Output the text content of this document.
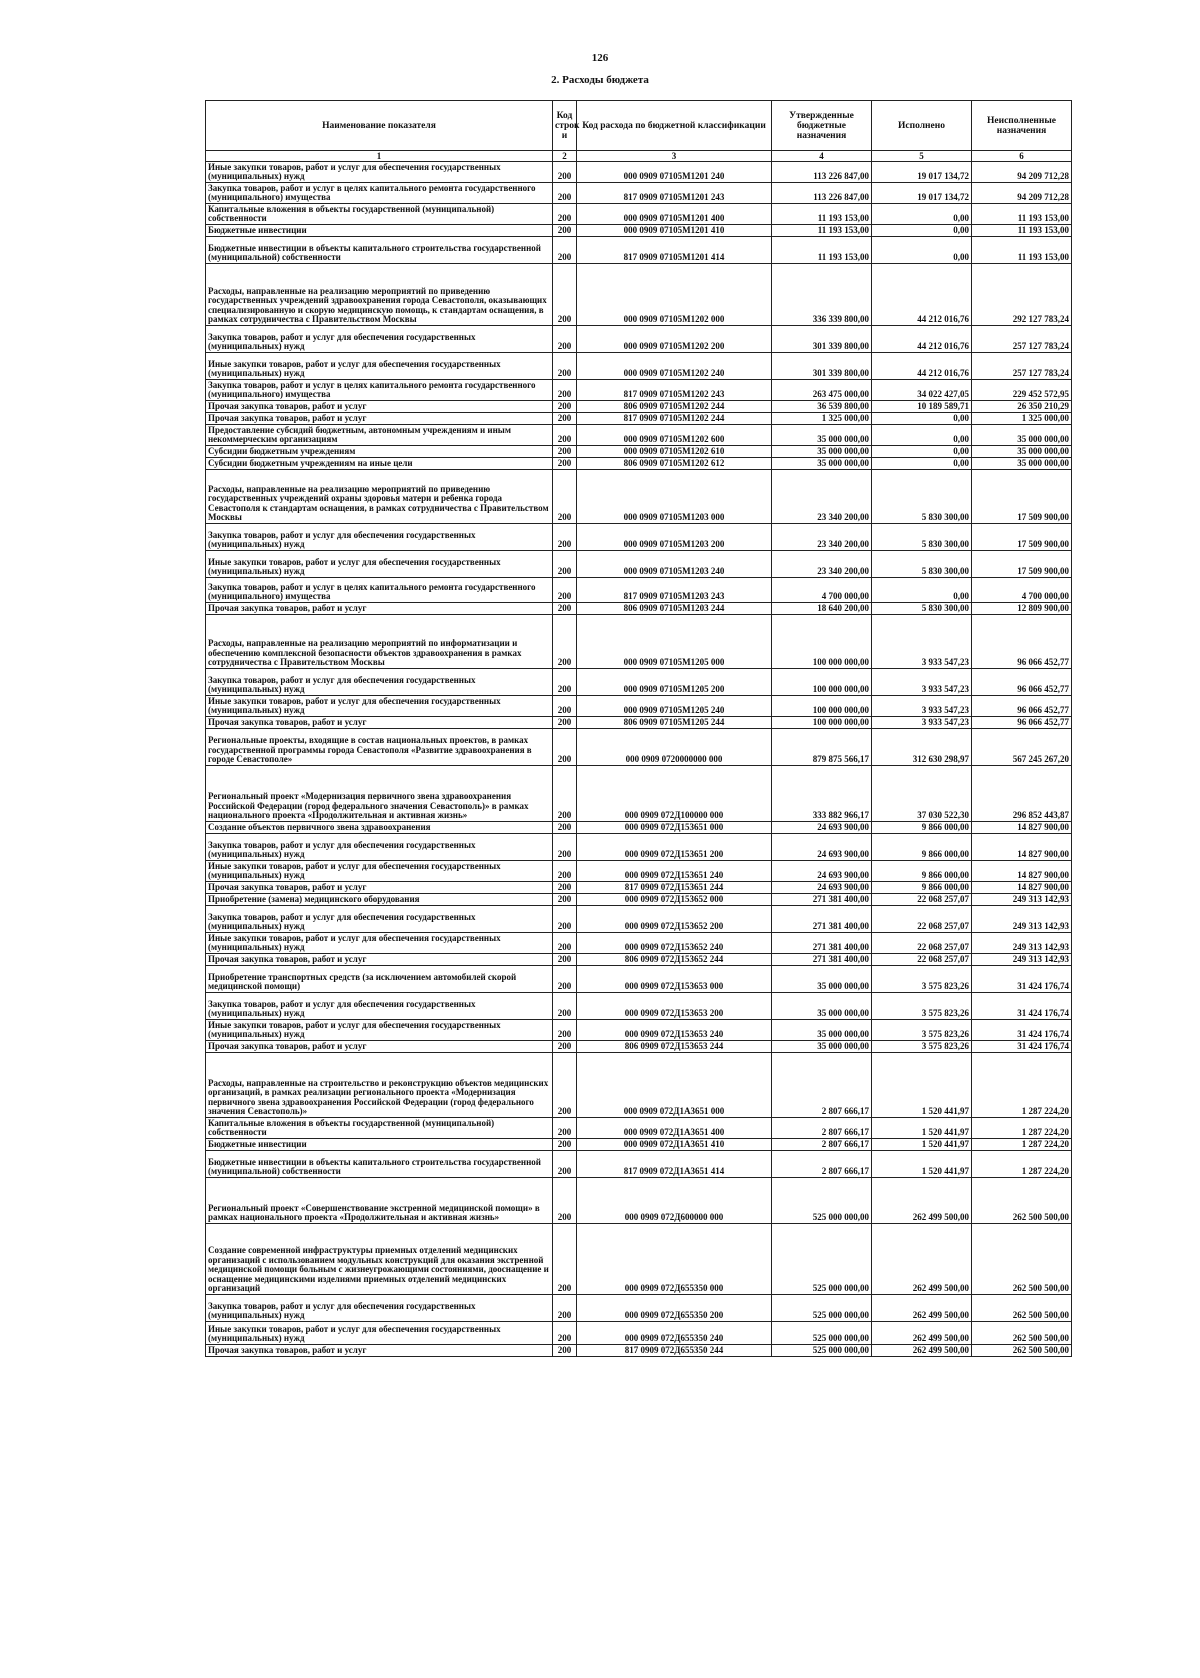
126
2. Расходы бюджета
Наименование показателя	Код строк и	Код расхода по бюджетной классификации	Утвержденные бюджетные назначения	Исполнено	Неисполненные назначения
1	2	3	4	5	6
Иные закупки товаров, работ и услуг для обеспечения государственных (муниципальных) нужд	200	000 0909 07105М1201 240	113 226 847,00	19 017 134,72	94 209 712,28
Закупка товаров, работ и услуг в целях капитального ремонта государственного (муниципального) имущества	200	817 0909 07105М1201 243	113 226 847,00	19 017 134,72	94 209 712,28
Капитальные вложения в объекты государственной (муниципальной) собственности	200	000 0909 07105М1201 400	11 193 153,00	0,00	11 193 153,00
Бюджетные инвестиции	200	000 0909 07105М1201 410	11 193 153,00	0,00	11 193 153,00
Бюджетные инвестиции в объекты капитального строительства государственной (муниципальной) собственности	200	817 0909 07105М1201 414	11 193 153,00	0,00	11 193 153,00
Расходы, направленные на реализацию мероприятий по приведению государственных учреждений здравоохранения города Севастополя, оказывающих специализированную и скорую медицинскую помощь, к стандартам оснащения, в рамках сотрудничества с Правительством Москвы	200	000 0909 07105М1202 000	336 339 800,00	44 212 016,76	292 127 783,24
Закупка товаров, работ и услуг для обеспечения государственных (муниципальных) нужд	200	000 0909 07105М1202 200	301 339 800,00	44 212 016,76	257 127 783,24
Иные закупки товаров, работ и услуг для обеспечения государственных (муниципальных) нужд	200	000 0909 07105М1202 240	301 339 800,00	44 212 016,76	257 127 783,24
Закупка товаров, работ и услуг в целях капитального ремонта государственного (муниципального) имущества	200	817 0909 07105М1202 243	263 475 000,00	34 022 427,05	229 452 572,95
Прочая закупка товаров, работ и услуг	200	806 0909 07105М1202 244	36 539 800,00	10 189 589,71	26 350 210,29
Прочая закупка товаров, работ и услуг	200	817 0909 07105М1202 244	1 325 000,00	0,00	1 325 000,00
Предоставление субсидий бюджетным, автономным учреждениям и иным некоммерческим организациям	200	000 0909 07105М1202 600	35 000 000,00	0,00	35 000 000,00
Субсидии бюджетным учреждениям	200	000 0909 07105М1202 610	35 000 000,00	0,00	35 000 000,00
Субсидии бюджетным учреждениям на иные цели	200	806 0909 07105М1202 612	35 000 000,00	0,00	35 000 000,00
Расходы, направленные на реализацию мероприятий по приведению государственных учреждений охраны здоровья матери и ребенка города Севастополя к стандартам оснащения, в рамках сотрудничества с Правительством Москвы	200	000 0909 07105М1203 000	23 340 200,00	5 830 300,00	17 509 900,00
Закупка товаров, работ и услуг для обеспечения государственных (муниципальных) нужд	200	000 0909 07105М1203 200	23 340 200,00	5 830 300,00	17 509 900,00
Иные закупки товаров, работ и услуг для обеспечения государственных (муниципальных) нужд	200	000 0909 07105М1203 240	23 340 200,00	5 830 300,00	17 509 900,00
Закупка товаров, работ и услуг в целях капитального ремонта государственного (муниципального) имущества	200	817 0909 07105М1203 243	4 700 000,00	0,00	4 700 000,00
Прочая закупка товаров, работ и услуг	200	806 0909 07105М1203 244	18 640 200,00	5 830 300,00	12 809 900,00
Расходы, направленные на реализацию мероприятий по информатизации и обеспечению комплексной безопасности объектов здравоохранения в рамках сотрудничества с Правительством Москвы	200	000 0909 07105М1205 000	100 000 000,00	3 933 547,23	96 066 452,77
Закупка товаров, работ и услуг для обеспечения государственных (муниципальных) нужд	200	000 0909 07105М1205 200	100 000 000,00	3 933 547,23	96 066 452,77
Иные закупки товаров, работ и услуг для обеспечения государственных (муниципальных) нужд	200	000 0909 07105М1205 240	100 000 000,00	3 933 547,23	96 066 452,77
Прочая закупка товаров, работ и услуг	200	806 0909 07105М1205 244	100 000 000,00	3 933 547,23	96 066 452,77
Региональные проекты, входящие в состав национальных проектов, в рамках государственной программы города Севастополя «Развитие здравоохранения в городе Севастополе»	200	000 0909 0720000000 000	879 875 566,17	312 630 298,97	567 245 267,20
Региональный проект «Модернизация первичного звена здравоохранения Российской Федерации (город федерального значения Севастополь)» в рамках национального проекта «Продолжительная и активная жизнь»	200	000 0909 072Д100000 000	333 882 966,17	37 030 522,30	296 852 443,87
Создание объектов первичного звена здравоохранения	200	000 0909 072Д153651 000	24 693 900,00	9 866 000,00	14 827 900,00
Закупка товаров, работ и услуг для обеспечения государственных (муниципальных) нужд	200	000 0909 072Д153651 200	24 693 900,00	9 866 000,00	14 827 900,00
Иные закупки товаров, работ и услуг для обеспечения государственных (муниципальных) нужд	200	000 0909 072Д153651 240	24 693 900,00	9 866 000,00	14 827 900,00
Прочая закупка товаров, работ и услуг	200	817 0909 072Д153651 244	24 693 900,00	9 866 000,00	14 827 900,00
Приобретение (замена) медицинского оборудования	200	000 0909 072Д153652 000	271 381 400,00	22 068 257,07	249 313 142,93
Закупка товаров, работ и услуг для обеспечения государственных (муниципальных) нужд	200	000 0909 072Д153652 200	271 381 400,00	22 068 257,07	249 313 142,93
Иные закупки товаров, работ и услуг для обеспечения государственных (муниципальных) нужд	200	000 0909 072Д153652 240	271 381 400,00	22 068 257,07	249 313 142,93
Прочая закупка товаров, работ и услуг	200	806 0909 072Д153652 244	271 381 400,00	22 068 257,07	249 313 142,93
Приобретение транспортных средств (за исключением автомобилей скорой медицинской помощи)	200	000 0909 072Д153653 000	35 000 000,00	3 575 823,26	31 424 176,74
Закупка товаров, работ и услуг для обеспечения государственных (муниципальных) нужд	200	000 0909 072Д153653 200	35 000 000,00	3 575 823,26	31 424 176,74
Иные закупки товаров, работ и услуг для обеспечения государственных (муниципальных) нужд	200	000 0909 072Д153653 240	35 000 000,00	3 575 823,26	31 424 176,74
Прочая закупка товаров, работ и услуг	200	806 0909 072Д153653 244	35 000 000,00	3 575 823,26	31 424 176,74
Расходы, направленные на строительство и реконструкцию объектов медицинских организаций, в рамках реализации регионального проекта «Модернизация первичного звена здравоохранения Российской Федерации (город федерального значения Севастополь)»	200	000 0909 072Д1А3651 000	2 807 666,17	1 520 441,97	1 287 224,20
Капитальные вложения в объекты государственной (муниципальной) собственности	200	000 0909 072Д1А3651 400	2 807 666,17	1 520 441,97	1 287 224,20
Бюджетные инвестиции	200	000 0909 072Д1А3651 410	2 807 666,17	1 520 441,97	1 287 224,20
Бюджетные инвестиции в объекты капитального строительства государственной (муниципальной) собственности	200	817 0909 072Д1А3651 414	2 807 666,17	1 520 441,97	1 287 224,20
Региональный проект «Совершенствование экстренной медицинской помощи» в рамках национального проекта «Продолжительная и активная жизнь»	200	000 0909 072Д600000 000	525 000 000,00	262 499 500,00	262 500 500,00
Создание современной инфраструктуры приемных отделений медицинских организаций с использованием модульных конструкций для оказания экстренной медицинской помощи больным с жизнеугрожающими состояниями, дооснащение и оснащение медицинскими изделиями приемных отделений медицинских организаций	200	000 0909 072Д655350 000	525 000 000,00	262 499 500,00	262 500 500,00
Закупка товаров, работ и услуг для обеспечения государственных (муниципальных) нужд	200	000 0909 072Д655350 200	525 000 000,00	262 499 500,00	262 500 500,00
Иные закупки товаров, работ и услуг для обеспечения государственных (муниципальных) нужд	200	000 0909 072Д655350 240	525 000 000,00	262 499 500,00	262 500 500,00
Прочая закупка товаров, работ и услуг	200	817 0909 072Д655350 244	525 000 000,00	262 499 500,00	262 500 500,00
